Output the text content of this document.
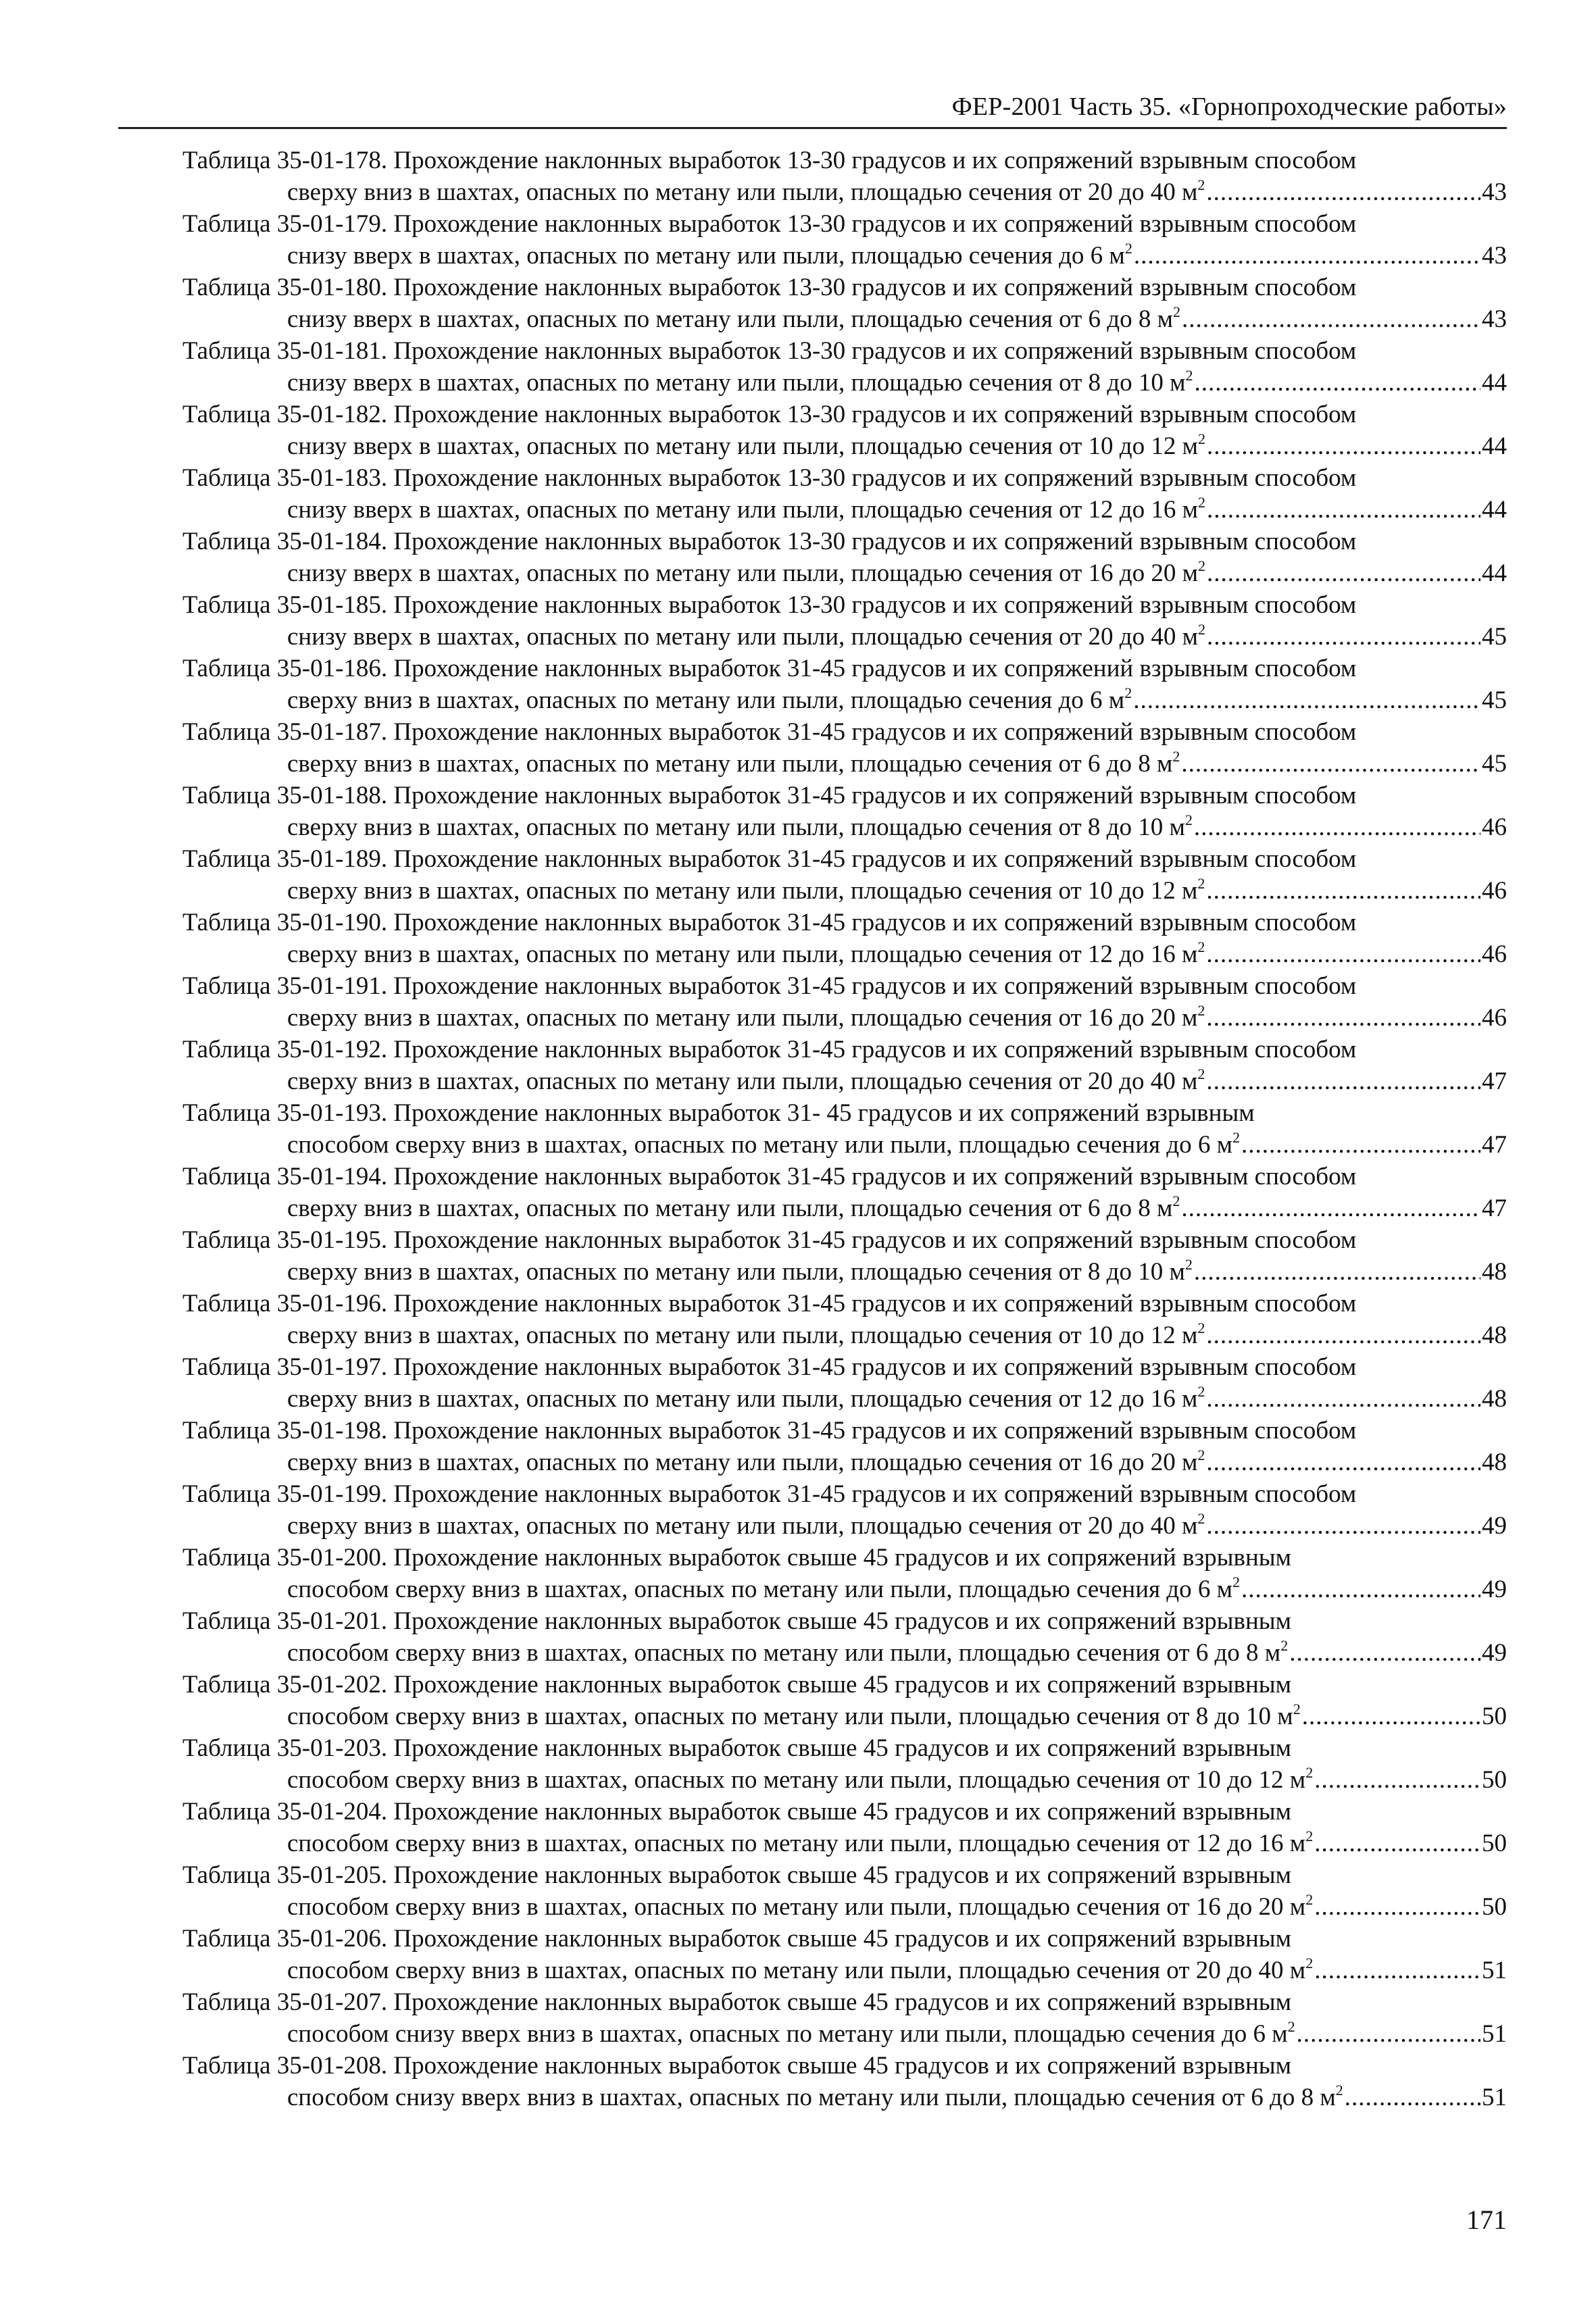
ФЕР-2001 Часть 35. «Горнопроходческие работы»
Таблица 35-01-178. Прохождение наклонных выработок 13-30 градусов и их сопряжений взрывным способом
сверху вниз в шахтах, опасных по метану или пыли, площадью сечения от 20 до 40 $м^2$ .....	43
Таблица 35-01-179. Прохождение наклонных выработок 13-30 градусов и их сопряжений взрывным способом
снизу вверх в шахтах, опасных по метану или пыли, площадью сечения до 6 $м^2$ .....	43
Таблица 35-01-180. Прохождение наклонных выработок 13-30 градусов и их сопряжений взрывным способом
снизу вверх в шахтах, опасных по метану или пыли, площадью сечения от 6 до 8 $м^2$ .....	43
Таблица 35-01-181. Прохождение наклонных выработок 13-30 градусов и их сопряжений взрывным способом
снизу вверх в шахтах, опасных по метану или пыли, площадью сечения от 8 до 10 $м^2$ .....	44
Таблица 35-01-182. Прохождение наклонных выработок 13-30 градусов и их сопряжений взрывным способом
снизу вверх в шахтах, опасных по метану или пыли, площадью сечения от 10 до 12 $м^2$ .....	44
Таблица 35-01-183. Прохождение наклонных выработок 13-30 градусов и их сопряжений взрывным способом
снизу вверх в шахтах, опасных по метану или пыли, площадью сечения от 12 до 16 $м^2$ .....	44
Таблица 35-01-184. Прохождение наклонных выработок 13-30 градусов и их сопряжений взрывным способом
снизу вверх в шахтах, опасных по метану или пыли, площадью сечения от 16 до 20 $м^2$ .....	44
Таблица 35-01-185. Прохождение наклонных выработок 13-30 градусов и их сопряжений взрывным способом
снизу вверх в шахтах, опасных по метану или пыли, площадью сечения от 20 до 40 $м^2$ .....	45
Таблица 35-01-186. Прохождение наклонных выработок 31-45 градусов и их сопряжений взрывным способом
сверху вниз в шахтах, опасных по метану или пыли, площадью сечения до 6 $м^2$ .....	45
Таблица 35-01-187. Прохождение наклонных выработок 31-45 градусов и их сопряжений взрывным способом
сверху вниз в шахтах, опасных по метану или пыли, площадью сечения от 6 до 8 $м^2$ .....	45
Таблица 35-01-188. Прохождение наклонных выработок 31-45 градусов и их сопряжений взрывным способом
сверху вниз в шахтах, опасных по метану или пыли, площадью сечения от 8 до 10 $м^2$ .....	46
Таблица 35-01-189. Прохождение наклонных выработок 31-45 градусов и их сопряжений взрывным способом
сверху вниз в шахтах, опасных по метану или пыли, площадью сечения от 10 до 12 $м^2$ .....	46
Таблица 35-01-190. Прохождение наклонных выработок 31-45 градусов и их сопряжений взрывным способом
сверху вниз в шахтах, опасных по метану или пыли, площадью сечения от 12 до 16 $м^2$ .....	46
Таблица 35-01-191. Прохождение наклонных выработок 31-45 градусов и их сопряжений взрывным способом
сверху вниз в шахтах, опасных по метану или пыли, площадью сечения от 16 до 20 $м^2$ .....	46
Таблица 35-01-192. Прохождение наклонных выработок 31-45 градусов и их сопряжений взрывным способом
сверху вниз в шахтах, опасных по метану или пыли, площадью сечения от 20 до 40 $м^2$ .....	47
Таблица 35-01-193. Прохождение наклонных выработок 31- 45 градусов и их сопряжений взрывным
способом сверху вниз в шахтах, опасных по метану или пыли, площадью сечения до 6 $м^2$ .....	47
Таблица 35-01-194. Прохождение наклонных выработок 31-45 градусов и их сопряжений взрывным способом
сверху вниз в шахтах, опасных по метану или пыли, площадью сечения от 6 до 8 $м^2$ .....	47
Таблица 35-01-195. Прохождение наклонных выработок 31-45 градусов и их сопряжений взрывным способом
сверху вниз в шахтах, опасных по метану или пыли, площадью сечения от 8 до 10 $м^2$ .....	48
Таблица 35-01-196. Прохождение наклонных выработок 31-45 градусов и их сопряжений взрывным способом
сверху вниз в шахтах, опасных по метану или пыли, площадью сечения от 10 до 12 $м^2$ .....	48
Таблица 35-01-197. Прохождение наклонных выработок 31-45 градусов и их сопряжений взрывным способом
сверху вниз в шахтах, опасных по метану или пыли, площадью сечения от 12 до 16 $м^2$ .....	48
Таблица 35-01-198. Прохождение наклонных выработок 31-45 градусов и их сопряжений взрывным способом
сверху вниз в шахтах, опасных по метану или пыли, площадью сечения от 16 до 20 $м^2$ .....	48
Таблица 35-01-199. Прохождение наклонных выработок 31-45 градусов и их сопряжений взрывным способом
сверху вниз в шахтах, опасных по метану или пыли, площадью сечения от 20 до 40 $м^2$ .....	49
Таблица 35-01-200. Прохождение наклонных выработок свыше 45 градусов и их сопряжений взрывным
способом сверху вниз в шахтах, опасных по метану или пыли, площадью сечения до 6 $м^2$ .....	49
Таблица 35-01-201. Прохождение наклонных выработок свыше 45 градусов и их сопряжений взрывным
способом сверху вниз в шахтах, опасных по метану или пыли, площадью сечения от 6 до 8 $м^2$ .....	49
Таблица 35-01-202. Прохождение наклонных выработок свыше 45 градусов и их сопряжений взрывным
способом сверху вниз в шахтах, опасных по метану или пыли, площадью сечения от 8 до 10 $м^2$ .....	50
Таблица 35-01-203. Прохождение наклонных выработок свыше 45 градусов и их сопряжений взрывным
способом сверху вниз в шахтах, опасных по метану или пыли, площадью сечения от 10 до 12 $м^2$ .....	50
Таблица 35-01-204. Прохождение наклонных выработок свыше 45 градусов и их сопряжений взрывным
способом сверху вниз в шахтах, опасных по метану или пыли, площадью сечения от 12 до 16 $м^2$ .....	50
Таблица 35-01-205. Прохождение наклонных выработок свыше 45 градусов и их сопряжений взрывным
способом сверху вниз в шахтах, опасных по метану или пыли, площадью сечения от 16 до 20 $м^2$ .....	50
Таблица 35-01-206. Прохождение наклонных выработок свыше 45 градусов и их сопряжений взрывным
способом сверху вниз в шахтах, опасных по метану или пыли, площадью сечения от 20 до 40 $м^2$ .....	51
Таблица 35-01-207. Прохождение наклонных выработок свыше 45 градусов и их сопряжений взрывным
способом снизу вверх вниз в шахтах, опасных по метану или пыли, площадью сечения до 6 $м^2$ .....	51
Таблица 35-01-208. Прохождение наклонных выработок свыше 45 градусов и их сопряжений взрывным
способом снизу вверх вниз в шахтах, опасных по метану или пыли, площадью сечения от 6 до 8 $м^2$ .....	51
171
